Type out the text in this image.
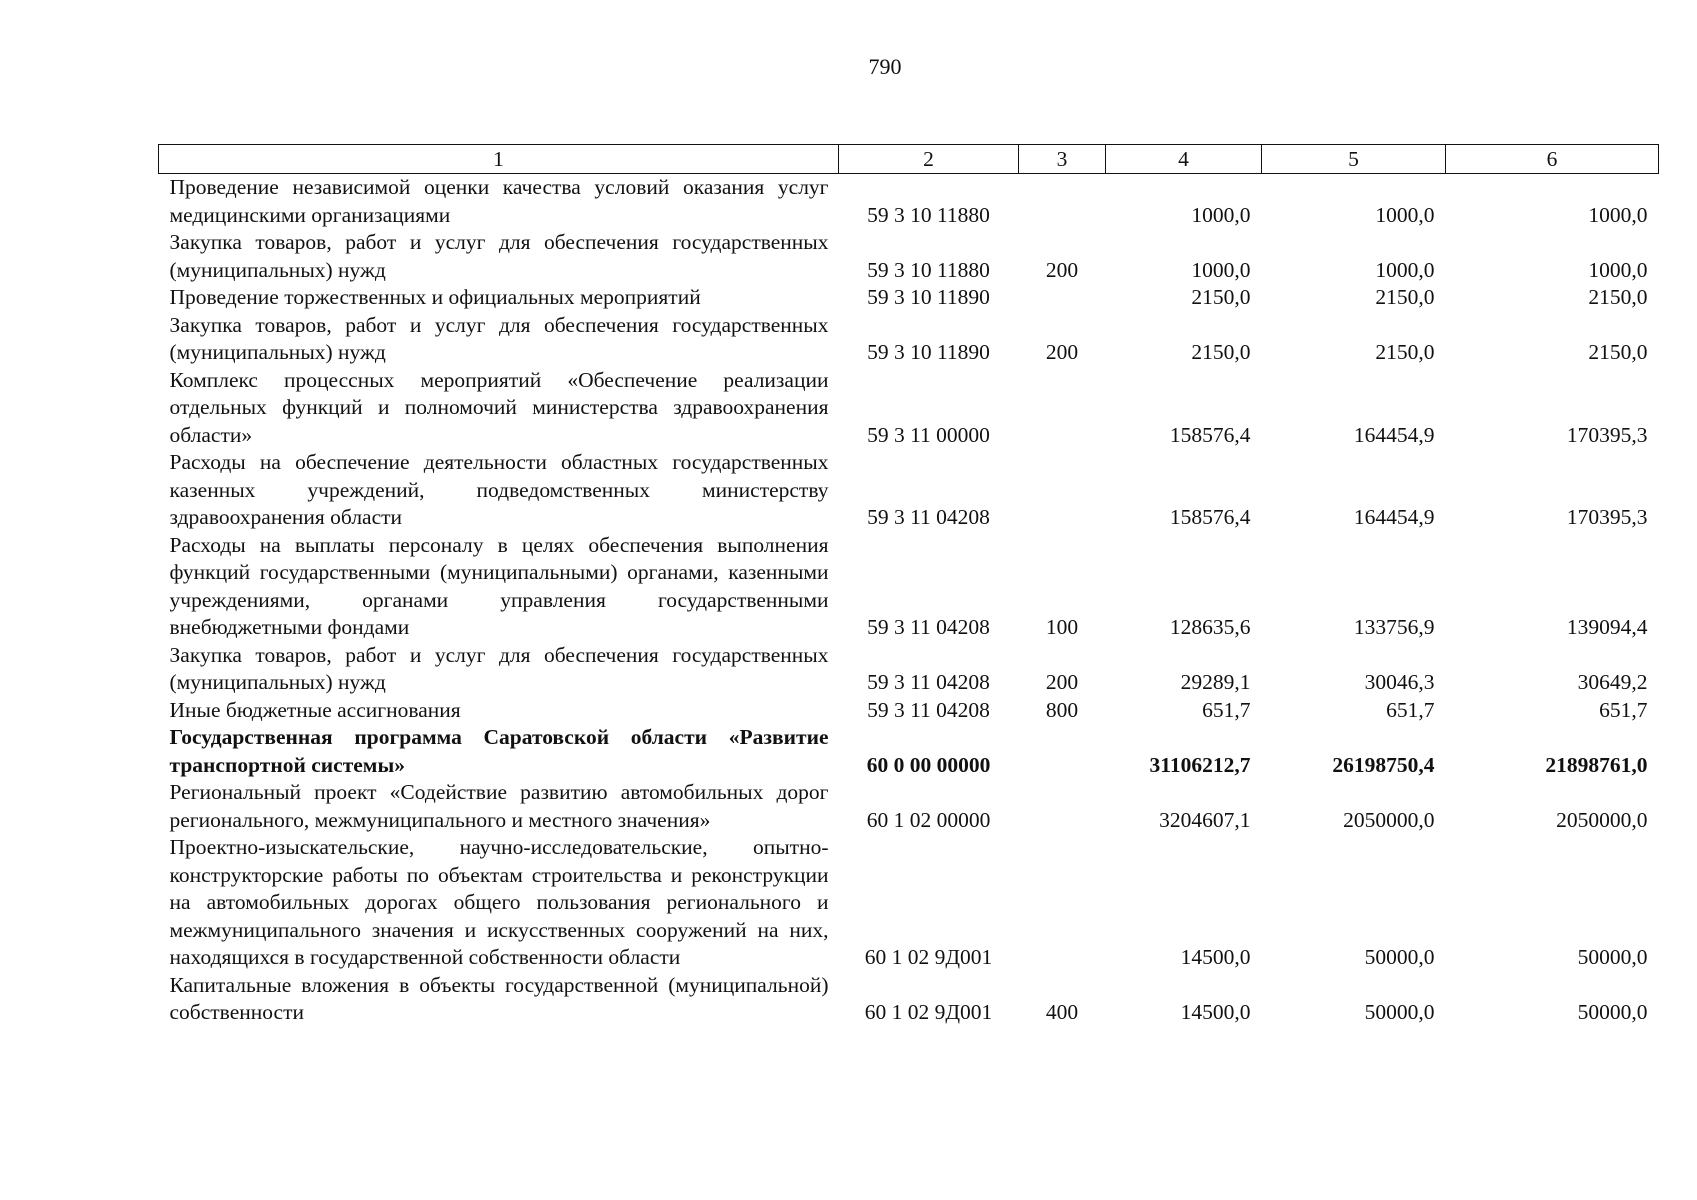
790
1	2	3	4	5	6
Проведение независимой оценки качества условий оказания услуг медицинскими организациями	59 3 10 11880		1000,0	1000,0	1000,0
Закупка товаров, работ и услуг для обеспечения государственных (муниципальных) нужд	59 3 10 11880	200	1000,0	1000,0	1000,0
Проведение торжественных и официальных мероприятий	59 3 10 11890		2150,0	2150,0	2150,0
Закупка товаров, работ и услуг для обеспечения государственных (муниципальных) нужд	59 3 10 11890	200	2150,0	2150,0	2150,0
Комплекс процессных мероприятий «Обеспечение реализации отдельных функций и полномочий министерства здравоохранения области»	59 3 11 00000		158576,4	164454,9	170395,3
Расходы на обеспечение деятельности областных государственных казенных учреждений, подведомственных министерству здравоохранения области	59 3 11 04208		158576,4	164454,9	170395,3
Расходы на выплаты персоналу в целях обеспечения выполнения функций государственными (муниципальными) органами, казенными учреждениями, органами управления государственными внебюджетными фондами	59 3 11 04208	100	128635,6	133756,9	139094,4
Закупка товаров, работ и услуг для обеспечения государственных (муниципальных) нужд	59 3 11 04208	200	29289,1	30046,3	30649,2
Иные бюджетные ассигнования	59 3 11 04208	800	651,7	651,7	651,7
Государственная программа Саратовской области «Развитие транспортной системы»	60 0 00 00000		31106212,7	26198750,4	21898761,0
Региональный проект «Содействие развитию автомобильных дорог регионального, межмуниципального и местного значения»	60 1 02 00000		3204607,1	2050000,0	2050000,0
Проектно-изыскательские, научно-исследовательские, опытно-конструкторские работы по объектам строительства и реконструкции на автомобильных дорогах общего пользования регионального и межмуниципального значения и искусственных сооружений на них, находящихся в государственной собственности области	60 1 02 9Д001		14500,0	50000,0	50000,0
Капитальные вложения в объекты государственной (муниципальной) собственности	60 1 02 9Д001	400	14500,0	50000,0	50000,0
